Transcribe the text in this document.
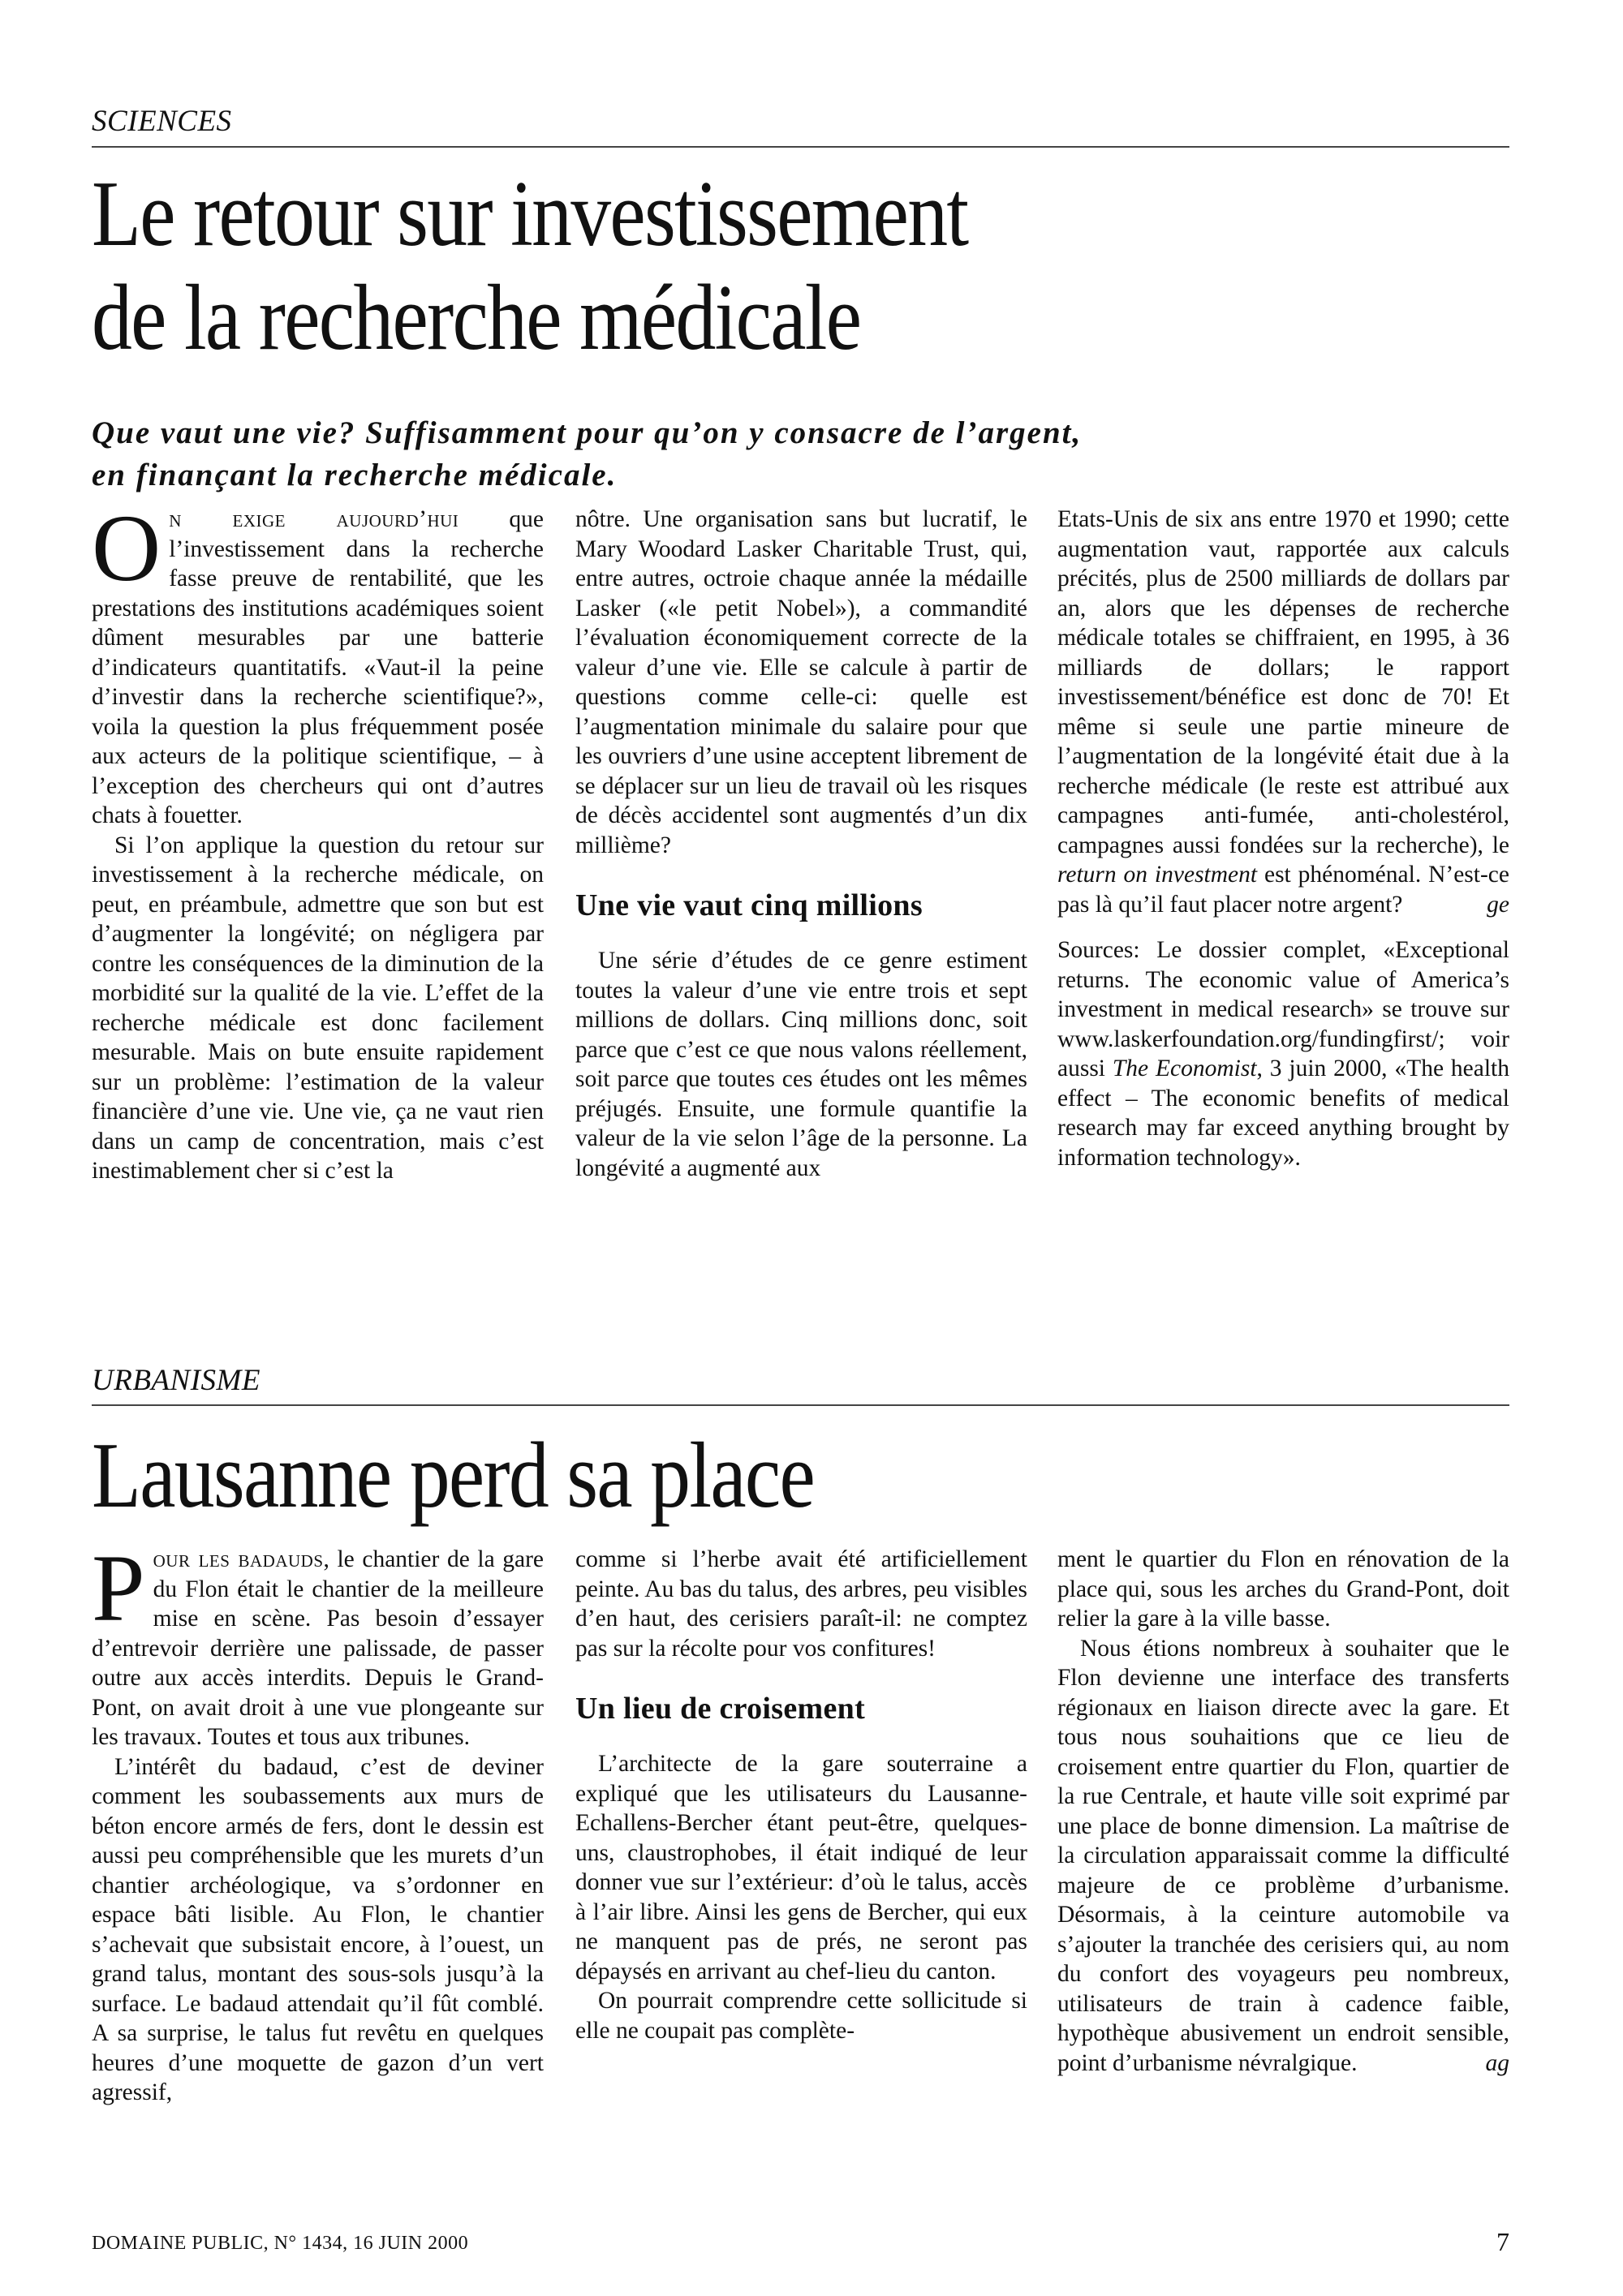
SCIENCES
Le retour sur investissement
de la recherche médicale
Que vaut une vie? Suffisamment pour qu’on y consacre de l’argent,
en finançant la recherche médicale.

On exige aujourd’hui que l’investissement dans la recherche fasse preuve de rentabilité, que les prestations des institutions académiques soient dûment mesurables par une batterie d’indicateurs quantitatifs. «Vaut-il la peine d’investir dans la recherche scientifique?», voila la question la plus fréquemment posée aux acteurs de la politique scientifique, – à l’exception des chercheurs qui ont d’autres chats à fouetter.

Si l’on applique la question du retour sur investissement à la recherche médicale, on peut, en préambule, admettre que son but est d’augmenter la longévité; on négligera par contre les conséquences de la diminution de la morbidité sur la qualité de la vie. L’effet de la recherche médicale est donc facilement mesurable. Mais on bute ensuite rapidement sur un problème: l’estimation de la valeur financière d’une vie. Une vie, ça ne vaut rien dans un camp de concentration, mais c’est inestimablement cher si c’est la

nôtre. Une organisation sans but lucratif, le Mary Woodard Lasker Charitable Trust, qui, entre autres, octroie chaque année la médaille Lasker («le petit Nobel»), a commandité l’évaluation économiquement correcte de la valeur d’une vie. Elle se calcule à partir de questions comme celle-ci: quelle est l’augmentation minimale du salaire pour que les ouvriers d’une usine acceptent librement de se déplacer sur un lieu de travail où les risques de décès accidentel sont augmentés d’un dix millième?

Une vie vaut cinq millions

Une série d’études de ce genre estiment toutes la valeur d’une vie entre trois et sept millions de dollars. Cinq millions donc, soit parce que c’est ce que nous valons réellement, soit parce que toutes ces études ont les mêmes préjugés. Ensuite, une formule quantifie la valeur de la vie selon l’âge de la personne. La longévité a augmenté aux

Etats-Unis de six ans entre 1970 et 1990; cette augmentation vaut, rapportée aux calculs précités, plus de 2500 milliards de dollars par an, alors que les dépenses de recherche médicale totales se chiffraient, en 1995, à 36 milliards de dollars; le rapport investissement/bénéfice est donc de 70! Et même si seule une partie mineure de l’augmentation de la longévité était due à la recherche médicale (le reste est attribué aux campagnes anti-fumée, anti-cholestérol, campagnes aussi fondées sur la recherche), le return on investment est phénoménal. N’est-ce pas là qu’il faut placer notre argent?	ge

Sources: Le dossier complet, «Exceptional returns. The economic value of America’s investment in medical research» se trouve sur www.laskerfoundation.org/fundingfirst/; voir aussi The Economist, 3 juin 2000, «The health effect – The economic benefits of medical research may far exceed anything brought by information technology».

URBANISME
Lausanne perd sa place

Pour les badauds, le chantier de la gare du Flon était le chantier de la meilleure mise en scène. Pas besoin d’essayer d’entrevoir derrière une palissade, de passer outre aux accès interdits. Depuis le Grand-Pont, on avait droit à une vue plongeante sur les travaux. Toutes et tous aux tribunes.

L’intérêt du badaud, c’est de deviner comment les soubassements aux murs de béton encore armés de fers, dont le dessin est aussi peu compréhensible que les murets d’un chantier archéologique, va s’ordonner en espace bâti lisible. Au Flon, le chantier s’achevait que subsistait encore, à l’ouest, un grand talus, montant des sous-sols jusqu’à la surface. Le badaud attendait qu’il fût comblé. A sa surprise, le talus fut revêtu en quelques heures d’une moquette de gazon d’un vert agressif,

comme si l’herbe avait été artificiellement peinte. Au bas du talus, des arbres, peu visibles d’en haut, des cerisiers paraît-il: ne comptez pas sur la récolte pour vos confitures!

Un lieu de croisement

L’architecte de la gare souterraine a expliqué que les utilisateurs du Lausanne-Echallens-Bercher étant peut-être, quelques-uns, claustrophobes, il était indiqué de leur donner vue sur l’extérieur: d’où le talus, accès à l’air libre. Ainsi les gens de Bercher, qui eux ne manquent pas de prés, ne seront pas dépaysés en arrivant au chef-lieu du canton.

On pourrait comprendre cette sollicitude si elle ne coupait pas complète-

ment le quartier du Flon en rénovation de la place qui, sous les arches du Grand-Pont, doit relier la gare à la ville basse.

Nous étions nombreux à souhaiter que le Flon devienne une interface des transferts régionaux en liaison directe avec la gare. Et tous nous souhaitions que ce lieu de croisement entre quartier du Flon, quartier de la rue Centrale, et haute ville soit exprimé par une place de bonne dimension. La maîtrise de la circulation apparaissait comme la difficulté majeure de ce problème d’urbanisme. Désormais, à la ceinture automobile va s’ajouter la tranchée des cerisiers qui, au nom du confort des voyageurs peu nombreux, utilisateurs de train à cadence faible, hypothèque abusivement un endroit sensible, point d’urbanisme névralgique.	ag

DOMAINE PUBLIC, N° 1434, 16 JUIN 2000	7
